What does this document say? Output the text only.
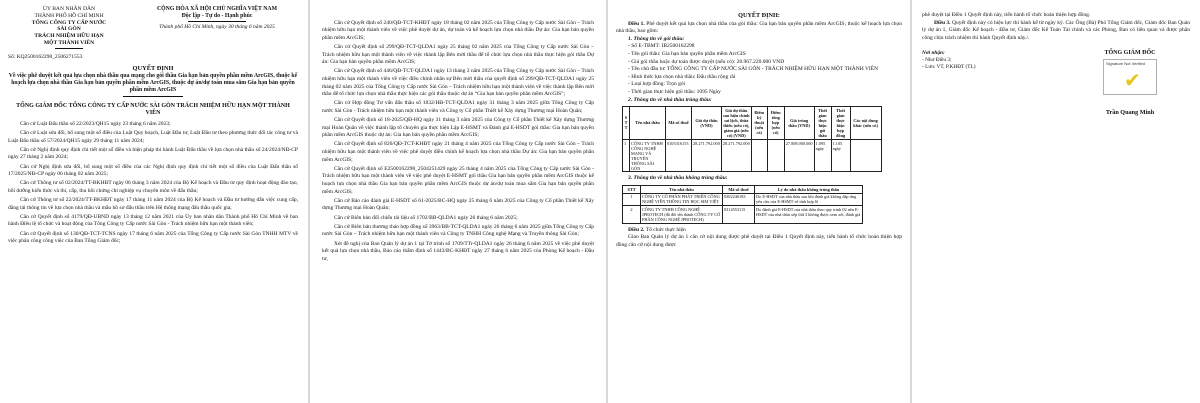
ỦY BAN NHÂN DÂN

THÀNH PHỐ HỒ CHÍ MINH

TỔNG CÔNG TY CẤP NƯỚC

SÀI GÒN

TRÁCH NHIỆM HỮU HẠN

MỘT THÀNH VIÊN

CỘNG HÒA XÃ HỘI CHỦ NGHĨA VIỆT NAM

Độc lập - Tự do - Hạnh phúc

Thành phố Hồ Chí Minh, ngày 30 tháng 6 năm 2025

Số: KQ2500162298_2506271553

QUYẾT ĐỊNH

Về việc phê duyệt kết quả lựa chọn nhà thầu qua mạng cho gói thầu Gia hạn bản quyền phần mềm ArcGIS, thuộc kế hoạch lựa chọn nhà thầu Gia hạn bản quyền phần mềm ArcGIS, thuộc dự án/dự toán mua sắm Gia hạn bản quyền phần mềm ArcGIS

TỔNG GIÁM ĐỐC TỔNG CÔNG TY CẤP NƯỚC SÀI GÒN TRÁCH NHIỆM HỮU HẠN MỘT THÀNH VIÊN

Căn cứ Luật Đấu thầu số 22/2023/QH15 ngày 23 tháng 6 năm 2023;

Căn cứ Luật sửa đổi, bổ sung một số điều của Luật Quy hoạch, Luật Đầu tư, Luật Đầu tư theo phương thức đối tác công tư và Luật Đấu thầu số 57/2024/QH15 ngày 29 tháng 11 năm 2024;

Căn cứ Nghị định quy định chi tiết một số điều và biện pháp thi hành Luật Đấu thầu về lựa chọn nhà thầu số 24/2024/NĐ-CP ngày 27 tháng 2 năm 2024;

Căn cứ Nghị định sửa đổi, bổ sung một số điều của các Nghị định quy định chi tiết một số điều của Luật Đấu thầu số 17/2025/NĐ-CP ngày 06 tháng 02 năm 2025;

Căn cứ Thông tư số 02/2024/TT-BKHĐT ngày 06 tháng 3 năm 2024 của Bộ Kế hoạch và Đầu tư quy định hoạt động đào tạo, bồi dưỡng kiến thức và thi, cấp, thu hồi chứng chỉ nghiệp vụ chuyên môn về đấu thầu;

Căn cứ Thông tư số 22/2024/TT-BKHĐT ngày 17 tháng 11 năm 2024 của Bộ Kế hoạch và Đầu tư hướng dẫn việc cung cấp, đăng tải thông tin về lựa chọn nhà thầu và mẫu hồ sơ đấu thầu trên Hệ thống mạng đấu thầu quốc gia;

Căn cứ Quyết định số 4179/QĐ-UBND ngày 13 tháng 12 năm 2021 của Ủy ban nhân dân Thành phố Hồ Chí Minh về ban hành Điều lệ tổ chức và hoạt động của Tổng Công ty Cấp nước Sài Gòn - Trách nhiệm hữu hạn một thành viên;

Căn cứ Quyết định số 130/QĐ-TCT-TCNS ngày 17 tháng 6 năm 2025 của Tổng Công ty Cấp nước Sài Gòn TNHH MTV về việc phân công công việc của Ban Tổng Giám đốc;

Căn cứ Quyết định số 240/QĐ-TCT-KHĐT ngày 18 tháng 02 năm 2025 của Tổng Công ty Cấp nước Sài Gòn – Trách nhiệm hữu hạn một thành viên về việc phê duyệt dự án, dự toán và kế hoạch lựa chọn nhà thầu Dự án: Gia hạn bản quyền phần mềm ArcGIS;

Căn cứ Quyết định số 299/QĐ-TCT-QLDA1 ngày 25 tháng 02 năm 2025 của Tổng Công ty Cấp nước Sài Gòn – Trách nhiệm hữu hạn một thành viên về việc thành lập Bên mời thầu để tổ chức lựa chọn nhà thầu thực hiện gói thầu Dự án: Gia hạn bản quyền phần mềm ArcGIS;

Căn cứ Quyết định số 446/QĐ-TCT-QLDA1 ngày 13 tháng 3 năm 2025 của Tổng Công ty Cấp nước Sài Gòn – Trách nhiệm hữu hạn một thành viên về việc điều chỉnh nhân sự Bên mời thầu của quyết định số 299/QĐ-TCT-QLDA1 ngày 25 tháng 02 năm 2025 của Tổng Công ty Cấp nước Sài Gòn – Trách nhiệm hữu hạn một thành viên về việc thành lập Bên mời thầu để tổ chức lựa chọn nhà thầu thực hiện các gói thầu thuộc dự án “Gia hạn bản quyền phần mềm ArcGIS”;

Căn cứ Hợp đồng Tư vấn đấu thầu số 1832/HĐ-TCT-QLDA1 ngày 31 tháng 3 năm 2025 giữa Tổng Công ty Cấp nước Sài Gòn - Trách nhiệm hữu hạn một thành viên và Công ty Cổ phần Thiết kế Xây dựng Thương mại Hoàn Quân;

Căn cứ Quyết định số 18-2025/QĐ-HQ ngày 31 tháng 3 năm 2025 của Công ty Cổ phần Thiết kế Xây dựng Thương mại Hoàn Quân về việc thành lập tổ chuyên gia thực hiện Lập E-HSMT và Đánh giá E-HSDT gói thầu: Gia hạn bản quyền phần mềm ArcGIS thuộc dự án: Gia hạn bản quyền phần mềm ArcGIS;

Căn cứ Quyết định số 826/QĐ-TCT-KHĐT ngày 21 tháng 4 năm 2025 của Tổng Công ty Cấp nước Sài Gòn – Trách nhiệm hữu hạn một thành viên về việc phê duyệt điều chỉnh kế hoạch lựa chọn nhà thầu Dự án: Gia hạn bản quyền phần mềm ArcGIS;

Căn cứ Quyết định số E2500162298_2504251429 ngày 25 tháng 4 năm 2025 của Tổng Công ty Cấp nước Sài Gòn - Trách nhiệm hữu hạn một thành viên về việc phê duyệt E-HSMT gói thầu Gia hạn bản quyền phần mềm ArcGIS thuộc kế hoạch lựa chọn nhà thầu Gia hạn bản quyền phần mềm ArcGIS thuộc dự án/dự toán mua sắm Gia hạn bản quyền phần mềm ArcGIS;

Căn cứ Báo cáo đánh giá E-HSDT số 61-2025/BC-HQ ngày 25 tháng 6 năm 2025 của Công ty Cổ phần Thiết kế Xây dựng Thương mại Hoàn Quân;

Căn cứ Biên bản đối chiếu tài liệu số 1702/BB-QLDA1 ngày 26 tháng 6 năm 2025;

Căn cứ Biên bản thương thảo hợp đồng số 3963/BB-TCT-QLDA1 ngày 26 tháng 6 năm 2025 giữa Tổng Công ty Cấp nước Sài Gòn – Trách nhiệm hữu hạn một thành viên và Công ty TNHH Công nghệ Mạng và Truyền thông Sài Gòn;

Xét đề nghị của Ban Quản lý dự án 1 tại Tờ trình số 1709/TTr-QLDA1 ngày 26 tháng 6 năm 2025 về việc phê duyệt kết quả lựa chọn nhà thầu, Báo cáo thẩm định số 1443/BC-KHĐT ngày 27 tháng 6 năm 2025 của Phòng Kế hoạch - Đầu tư,

QUYẾT ĐỊNH:

Điều 1. Phê duyệt kết quả lựa chọn nhà thầu của gói thầu: Gia hạn bản quyền phần mềm ArcGIS; thuộc kế hoạch lựa chọn nhà thầu, bao gồm:

1. Thông tin về gói thầu:

- Số E-TBMT: IB2500162298

- Tên gói thầu: Gia hạn bản quyền phần mềm ArcGIS

- Giá gói thầu hoặc dự toán được duyệt (nếu có): 28.967.220.000 VND

- Tên chủ đầu tư: TỔNG CÔNG TY CẤP NƯỚC SÀI GÒN - TRÁCH NHIỆM HỮU HẠN MỘT THÀNH VIÊN

- Hình thức lựa chọn nhà thầu: Đấu thầu rộng rãi

- Loại hợp đồng: Trọn gói

- Thời gian thực hiện gói thầu: 1095 Ngày

2. Thông tin về nhà thầu trúng thầu:

S T T	Tên nhà thầu	Mã số thuế	Giá dự thầu (VND)	Giá dự thầu sau hiệu chỉnh sai lệch, thừa thiếu (nếu có), giảm giá (nếu có) (VND)	Điểm kỹ thuật (nếu có)	Điểm tổng hợp (nếu có)	Giá trúng thầu (VND)	Thời gian thực hiện gói thầu	Thời gian thực hiện hợp đồng	Các nội dung khác (nếu có)
1	CÔNG TY TNHH CÔNG NGHỆ MẠNG VÀ TRUYỀN THÔNG SÀI GÒN	0105316153	28.271.792.000	28.271.792.000			27.808.000.000	1.095 ngày	1.105 ngày	

3. Thông tin về nhà thầu không trúng thầu:

STT	Tên nhà thầu	Mã số thuế	Lý do nhà thầu không trúng thầu
1	CÔNG TY CỔ PHẦN PHÁT TRIỂN CÔNG NGHỆ VIỄN THÔNG TIN HỌC SIM VIỆT	0302246183	Do E-HSDT của nhà thầu sau khi đánh giá không đáp ứng yêu cầu của E-HSMT về tính hợp lệ
2	CÔNG TY TNHH CÔNG NGHỆ JPROTECH (đã đổi tên thành CÔNG TY CỔ PHẦN CÔNG NGHỆ JPROTECH)	0314553115	Do đánh giá E-HSDT của nhà thầu theo quy trình 02 nên E-HSDT của nhà thầu xếp thứ 3 không được xem xét, đánh giá

Điều 2. Tổ chức thực hiện

Giao Ban Quản lý dự án 1 căn cứ nội dung được phê duyệt tại Điều 1 Quyết định này, tiến hành tổ chức hoàn thiện hợp đồng căn cứ nội dung được

phê duyệt tại Điều 1 Quyết định này, tiến hành tổ chức hoàn thiện hợp đồng.

Điều 3. Quyết định này có hiệu lực thi hành kể từ ngày ký. Các Ông (Bà) Phó Tổng Giám đốc, Giám đốc Ban Quản lý dự án 1, Giám đốc Kế hoạch - Đầu tư, Giám đốc Kế Toán Tài chính và các Phòng, Ban có liên quan và được phân công chịu trách nhiệm thi hành Quyết định này./.

Nơi nhận:

- Như Điều 3;

- Lưu: VT, P.KHĐT (TL)

TỔNG GIÁM ĐỐC

Signature Not Verified
✔

Trần Quang Minh
